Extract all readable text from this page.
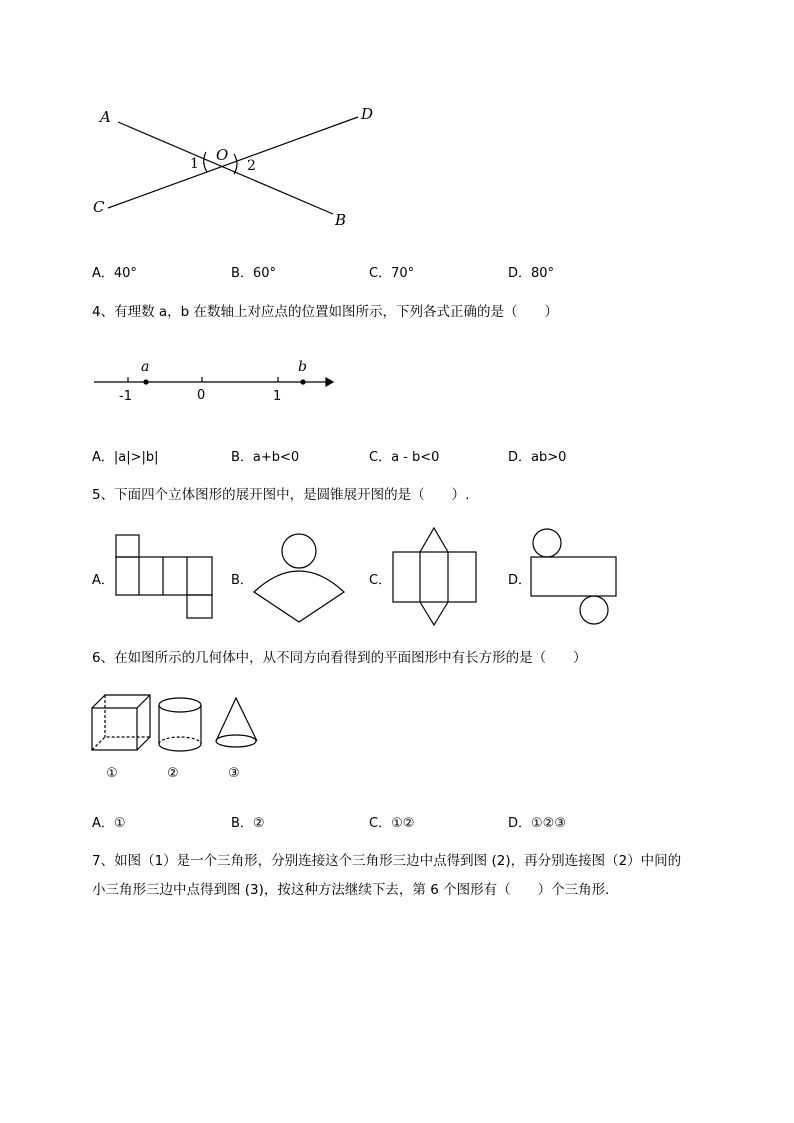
A	D
O
1	2
C
B
A．40°	B．60°	C．70°	D．80°
4、有理数 a，b 在数轴上对应点的位置如图所示，下列各式正确的是（　　）
a	b
-1	0	1
A．|a|>|b|	B．a+b<0	C．a - b<0	D．ab>0
5、下面四个立体图形的展开图中，是圆锥展开图的是（　　）.
A．	B．	C．	D．
6、在如图所示的几何体中，从不同方向看得到的平面图形中有长方形的是（　　）
①	②	③
A．①	B．②	C．①②	D．①②③
7、如图（1）是一个三角形，分别连接这个三角形三边中点得到图 (2)，再分别连接图（2）中间的
小三角形三边中点得到图 (3)，按这种方法继续下去，第 6 个图形有（　　）个三角形．
